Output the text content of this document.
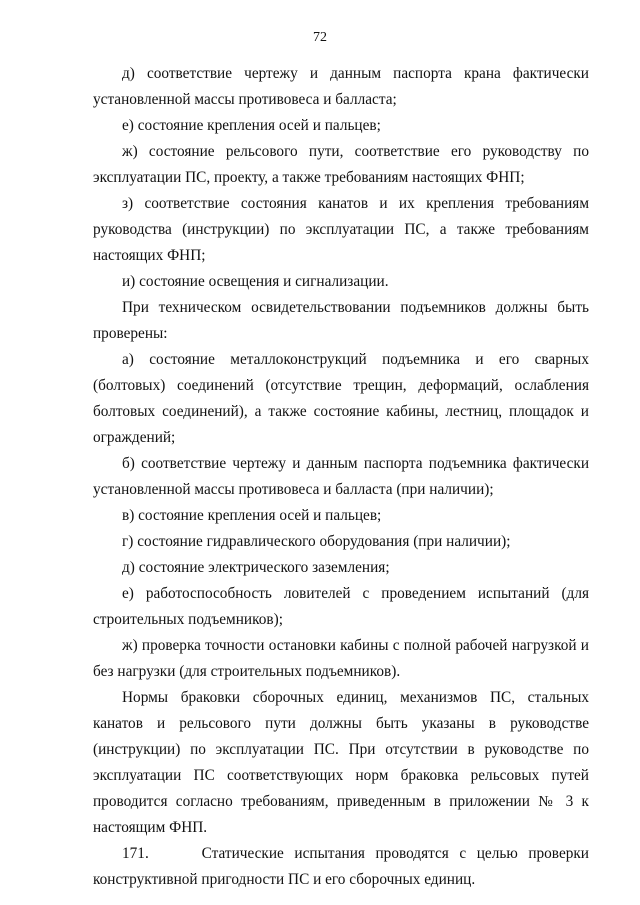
72

д) соответствие чертежу и данным паспорта крана фактически установленной массы противовеса и балласта;

е) состояние крепления осей и пальцев;

ж) состояние рельсового пути, соответствие его руководству по эксплуатации ПС, проекту, а также требованиям настоящих ФНП;

з) соответствие состояния канатов и их крепления требованиям руководства (инструкции) по эксплуатации ПС, а также требованиям настоящих ФНП;

и) состояние освещения и сигнализации.

При техническом освидетельствовании подъемников должны быть проверены:

а) состояние металлоконструкций подъемника и его сварных (болтовых) соединений (отсутствие трещин, деформаций, ослабления болтовых соединений), а также состояние кабины, лестниц, площадок и ограждений;

б) соответствие чертежу и данным паспорта подъемника фактически установленной массы противовеса и балласта (при наличии);

в) состояние крепления осей и пальцев;

г) состояние гидравлического оборудования (при наличии);

д) состояние электрического заземления;

е) работоспособность ловителей с проведением испытаний (для строительных подъемников);

ж) проверка точности остановки кабины с полной рабочей нагрузкой и без нагрузки (для строительных подъемников).

Нормы браковки сборочных единиц, механизмов ПС, стальных канатов и рельсового пути должны быть указаны в руководстве (инструкции) по эксплуатации ПС. При отсутствии в руководстве по эксплуатации ПС соответствующих норм браковка рельсовых путей проводится согласно требованиям, приведенным в приложении № 3 к настоящим ФНП.

171.	Статические испытания проводятся с целью проверки конструктивной пригодности ПС и его сборочных единиц.
